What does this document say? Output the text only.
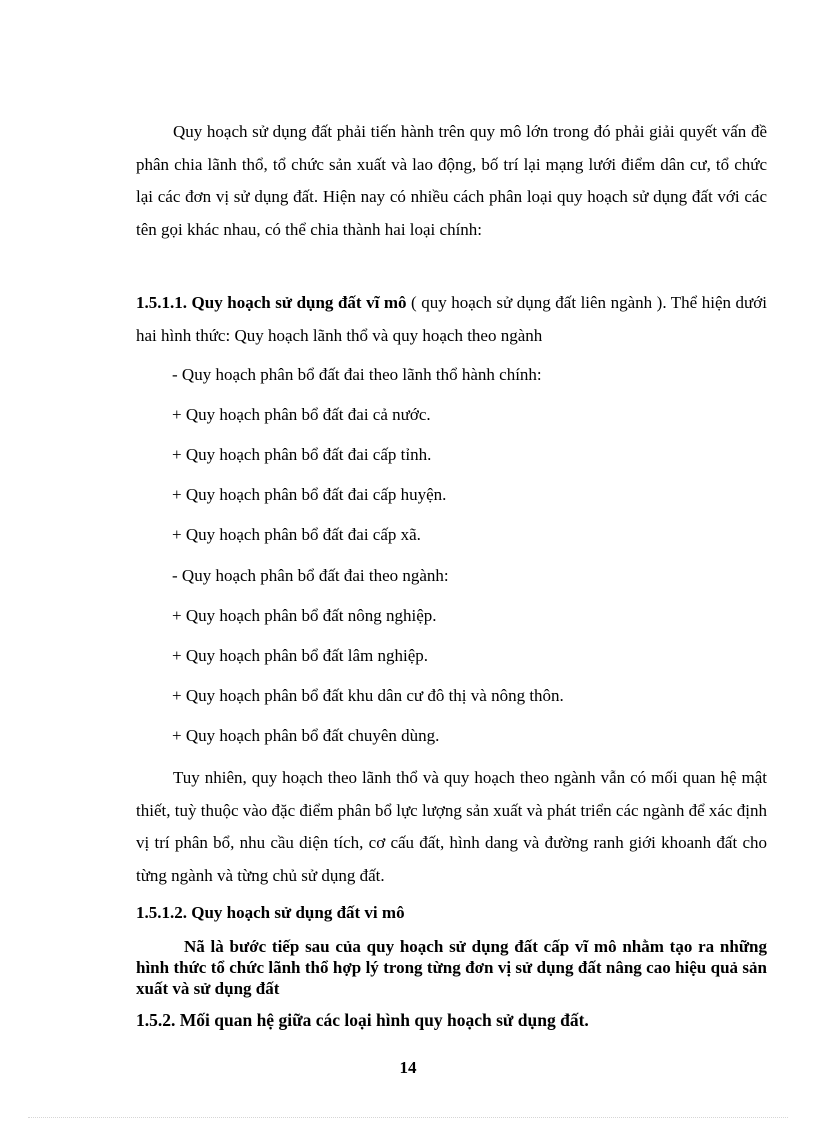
Quy hoạch sử dụng đất phải tiến hành trên quy mô lớn trong đó phải giải quyết vấn đề phân chia lãnh thổ, tổ chức sản xuất và lao động, bố trí lại mạng lưới điểm dân cư, tổ chức lại các đơn vị sử dụng đất. Hiện nay có nhiều cách phân loại quy hoạch sử dụng đất với các tên gọi khác nhau, có thể chia thành hai loại chính:

1.5.1.1. Quy hoạch sử dụng đất vĩ mô ( quy hoạch sử dụng đất liên ngành ). Thể hiện dưới hai hình thức: Quy hoạch lãnh thổ và quy hoạch theo ngành

- Quy hoạch phân bổ đất đai theo lãnh thổ hành chính:

+ Quy hoạch phân bổ đất đai cả nước.

+ Quy hoạch phân bổ đất đai cấp tỉnh.

+ Quy hoạch phân bổ đất đai cấp huyện.

+ Quy hoạch phân bổ đất đai cấp xã.

- Quy hoạch phân bổ đất đai theo ngành:

+ Quy hoạch phân bổ đất nông nghiệp.

+ Quy hoạch phân bổ đất lâm nghiệp.

+ Quy hoạch phân bổ đất khu dân cư đô thị và nông thôn.

+ Quy hoạch phân bổ đất chuyên dùng.

Tuy nhiên, quy hoạch theo lãnh thổ và quy hoạch theo ngành vẫn có mối quan hệ mật thiết, tuỳ thuộc vào đặc điểm phân bổ lực lượng sản xuất và phát triển các ngành để xác định vị trí phân bổ, nhu cầu diện tích, cơ cấu đất, hình dang và đường ranh giới khoanh đất cho từng ngành và từng chủ sử dụng đất.

1.5.1.2. Quy hoạch sử dụng đất vi mô

Nã là bước tiếp sau của quy hoạch sử dụng đất cấp vĩ mô nhằm tạo ra những hình thức tổ chức lãnh thổ hợp lý trong từng đơn vị sử dụng đất nâng cao hiệu quả sản xuất và sử dụng đất

1.5.2. Mối quan hệ giữa các loại hình quy hoạch sử dụng đất.

14
